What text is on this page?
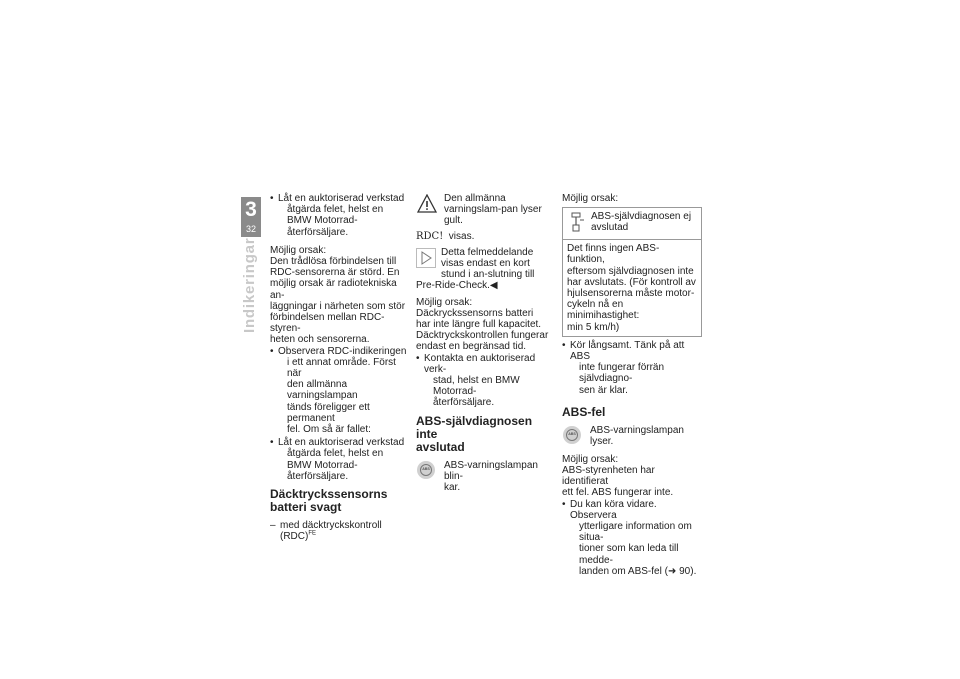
3
32
Indikeringar
• Låt en auktoriserad verkstad
åtgärda felet, helst en
BMW Motorrad-återförsäljare.

Möjlig orsak:

Den trådlösa förbindelsen till
RDC-sensorerna är störd. En
möjlig orsak är radiotekniska an-
läggningar i närheten som stör
förbindelsen mellan RDC-styren-
heten och sensorerna.
• Observera RDC-indikeringen
i ett annat område. Först när
den allmänna varningslampan
tänds föreligger ett permanent
fel. Om så är fallet:
• Låt en auktoriserad verkstad
åtgärda felet, helst en
BMW Motorrad-återförsäljare.
Däcktryckssensorns
batteri svagt
– med däcktryckskontroll
(RDC)$^{FE}$
Den allmänna varningslam-pan lyser gult.
RDC! visas.
Detta felmeddelande visas endast en kort stund i an-slutning till Pre-Ride-Check.◀

Möjlig orsak:

Däckryckssensorns batteri
har inte längre full kapacitet.
Däcktryckskontrollen fungerar
endast en begränsad tid.
• Kontakta en auktoriserad verk-
stad, helst en BMW Motorrad-
återförsäljare.
ABS-självdiagnosen inte
avslutad
ABS ABS-varningslampan blin-
kar.

Möjlig orsak:

ABS-självdiagnosen ej
avslutad
Det finns ingen ABS-funktion,
eftersom självdiagnosen inte
har avslutats. (För kontroll av
hjulsensorerna måste motor-
cykeln nå en minimihastighet:
min 5 km/h)
• Kör långsamt. Tänk på att ABS
inte fungerar förrän självdiagno-
sen är klar.
ABS-fel
ABS ABS-varningslampan lyser.

Möjlig orsak:

ABS-styrenheten har identifierat
ett fel. ABS fungerar inte.
• Du kan köra vidare. Observera
ytterligare information om situa-
tioner som kan leda till medde-
landen om ABS-fel (➜ 90).
